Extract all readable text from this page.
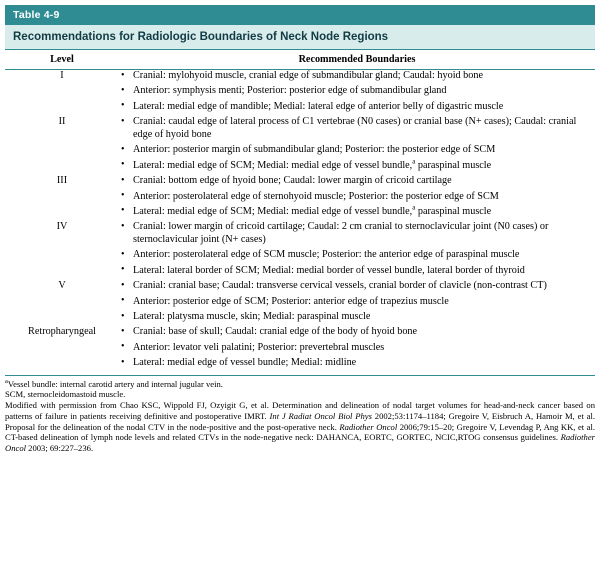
Table 4-9
Recommendations for Radiologic Boundaries of Neck Node Regions
Level	Recommended Boundaries
I	
•Cranial: mylohyoid muscle, cranial edge of submandibular gland; Caudal: hyoid bone
• Anterior: symphysis menti; Posterior: posterior edge of submandibular gland
• Lateral: medial edge of mandible; Medial: lateral edge of anterior belly of digastric muscle

II	
•Cranial: caudal edge of lateral process of C1 vertebrae (N0 cases) or cranial base (N+ cases); Caudal: cranial edge of hyoid bone
• Anterior: posterior margin of submandibular gland; Posterior: the posterior edge of SCM
• Lateral: medial edge of SCM; Medial: medial edge of vessel bundle,$^a$ paraspinal muscle

III	
•Cranial: bottom edge of hyoid bone; Caudal: lower margin of cricoid cartilage
• Anterior: posterolateral edge of sternohyoid muscle; Posterior: the posterior edge of SCM
• Lateral: medial edge of SCM; Medial: medial edge of vessel bundle,$^a$ paraspinal muscle

IV	
•Cranial: lower margin of cricoid cartilage; Caudal: 2 cm cranial to sternoclavicular joint (N0 cases) or sternoclavicular joint (N+ cases)
• Anterior: posterolateral edge of SCM muscle; Posterior: the anterior edge of paraspinal muscle
• Lateral: lateral border of SCM; Medial: medial border of vessel bundle, lateral border of thyroid

V	
•Cranial: cranial base; Caudal: transverse cervical vessels, cranial border of clavicle (non-contrast CT)
• Anterior: posterior edge of SCM; Posterior: anterior edge of trapezius muscle
• Lateral: platysma muscle, skin; Medial: paraspinal muscle

Retropharyngeal	
•Cranial: base of skull; Caudal: cranial edge of the body of hyoid bone
• Anterior: levator veli palatini; Posterior: prevertebral muscles
• Lateral: medial edge of vessel bundle; Medial: midline

$^a$Vessel bundle: internal carotid artery and internal jugular vein.

SCM, sternocleidomastoid muscle.

Modified with permission from Chao KSC, Wippold FJ, Ozyigit G, et al. Determination and delineation of nodal target volumes for head-and-neck cancer based on patterns of failure in patients receiving definitive and postoperative IMRT. Int J Radiat Oncol Biol Phys 2002;53:1174–1184; Gregoire V, Eisbruch A, Hamoir M, et al. Proposal for the delineation of the nodal CTV in the node-positive and the post-operative neck. Radiother Oncol 2006;79:15–20; Gregoire V, Levendag P, Ang KK, et al. CT-based delineation of lymph node levels and related CTVs in the node-negative neck: DAHANCA, EORTC, GORTEC, NCIC,RTOG consensus guidelines. Radiother Oncol 2003; 69:227–236.
